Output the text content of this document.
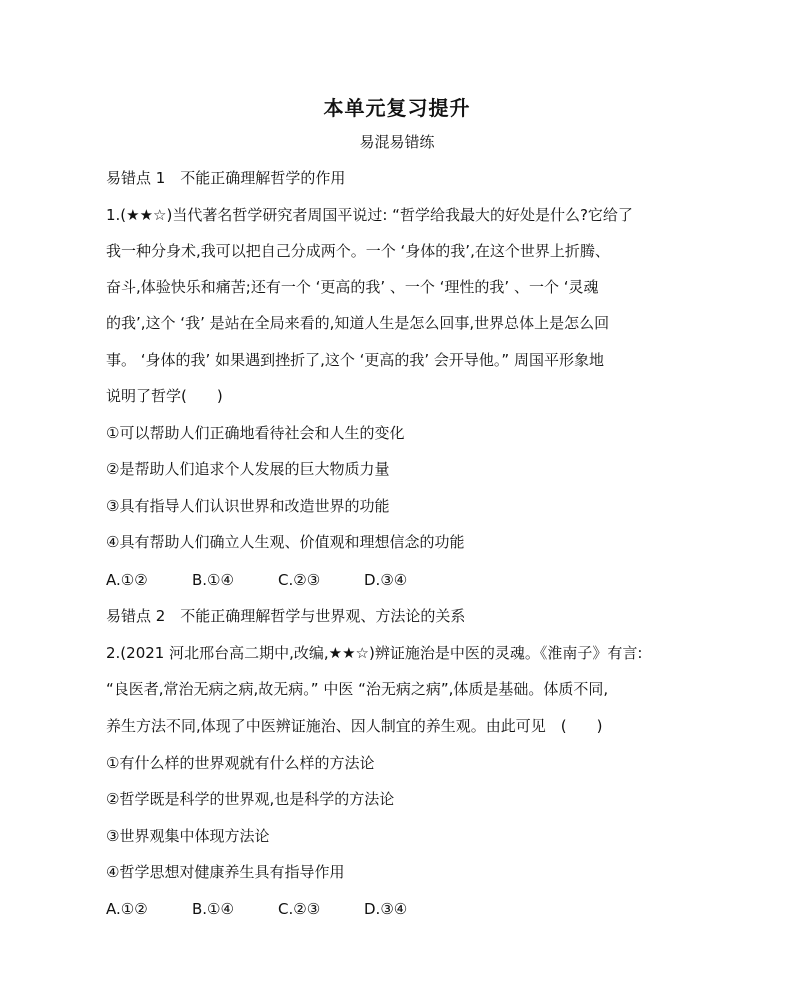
本单元复习提升
易混易错练
易错点 1　不能正确理解哲学的作用
1.(★★☆)当代著名哲学研究者周国平说过: “哲学给我最大的好处是什么?它给了
我一种分身术,我可以把自己分成两个。一个 ‘身体的我’,在这个世界上折腾、
奋斗,体验快乐和痛苦;还有一个 ‘更高的我’ 、一个 ‘理性的我’ 、一个 ‘灵魂
的我’,这个 ‘我’ 是站在全局来看的,知道人生是怎么回事,世界总体上是怎么回
事。 ‘身体的我’ 如果遇到挫折了,这个 ‘更高的我’ 会开导他。” 周国平形象地
说明了哲学(　　)
①可以帮助人们正确地看待社会和人生的变化
②是帮助人们追求个人发展的巨大物质力量
③具有指导人们认识世界和改造世界的功能
④具有帮助人们确立人生观、价值观和理想信念的功能
A.①②	B.①④	C.②③	D.③④
易错点 2　不能正确理解哲学与世界观、方法论的关系
2.(2021 河北邢台高二期中,改编,★★☆)辨证施治是中医的灵魂。《淮南子》有言:
“良医者,常治无病之病,故无病。” 中医 “治无病之病”,体质是基础。体质不同,
养生方法不同,体现了中医辨证施治、因人制宜的养生观。由此可见　(　　)
①有什么样的世界观就有什么样的方法论
②哲学既是科学的世界观,也是科学的方法论
③世界观集中体现方法论
④哲学思想对健康养生具有指导作用
A.①②	B.①④	C.②③	D.③④
